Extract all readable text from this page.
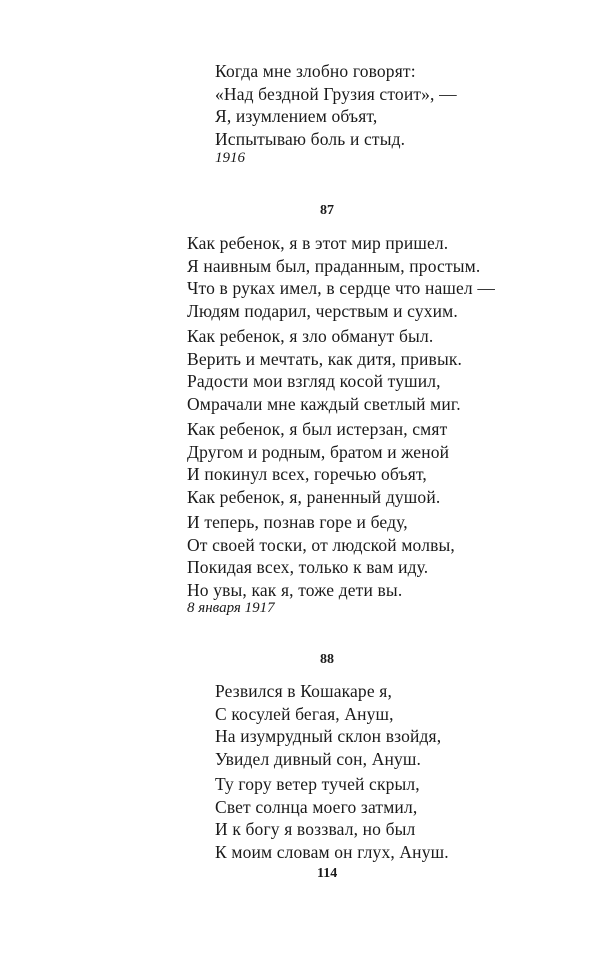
Когда мне злобно говорят:
«Над бездной Грузия стоит», —
Я, изумлением объят,
Испытываю боль и стыд.
1916
87
Как ребенок, я в этот мир пришел.
Я наивным был, праданным, простым.
Что в руках имел, в сердце что нашел —
Людям подарил, черствым и сухим.
Как ребенок, я зло обманут был.
Верить и мечтать, как дитя, привык.
Радости мои взгляд косой тушил,
Омрачали мне каждый светлый миг.
Как ребенок, я был истерзан, смят
Другом и родным, братом и женой
И покинул всех, горечью объят,
Как ребенок, я, раненный душой.
И теперь, познав горе и беду,
От своей тоски, от людской молвы,
Покидая всех, только к вам иду.
Но увы, как я, тоже дети вы.
8 января 1917
88
Резвился в Кошакаре я,
С косулей бегая, Ануш,
На изумрудный склон взойдя,
Увидел дивный сон, Ануш.
Ту гору ветер тучей скрыл,
Свет солнца моего затмил,
И к богу я воззвал, но был
К моим словам он глух, Ануш.
114
